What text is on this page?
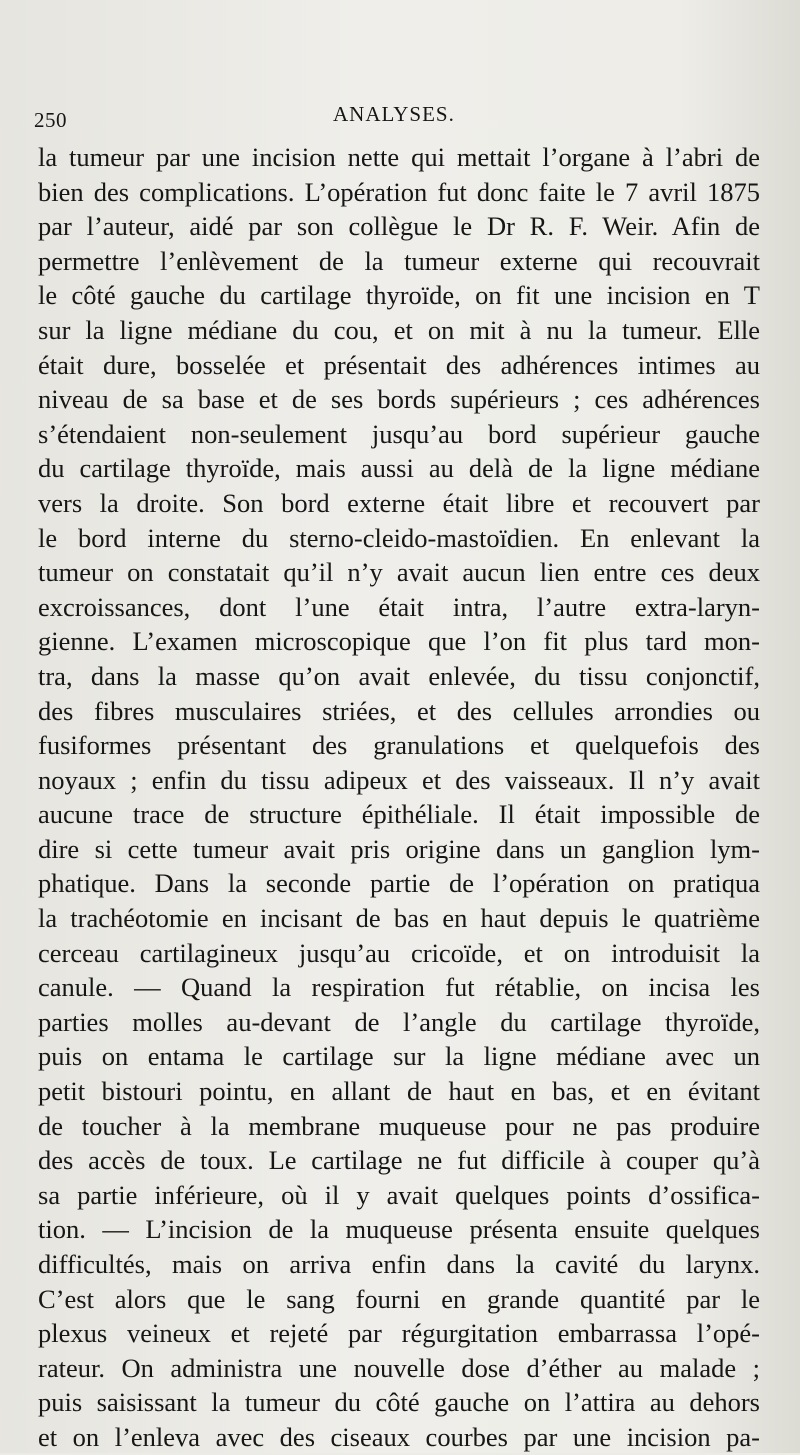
250	ANALYSES.
la tumeur par une incision nette qui mettait l’organe à l’abri de
bien des complications. L’opération fut donc faite le 7 avril 1875
par l’auteur, aidé par son collègue le Dr R. F. Weir. Afin de
permettre l’enlèvement de la tumeur externe qui recouvrait
le côté gauche du cartilage thyroïde, on fit une incision en T
sur la ligne médiane du cou, et on mit à nu la tumeur. Elle
était dure, bosselée et présentait des adhérences intimes au
niveau de sa base et de ses bords supérieurs ; ces adhérences
s’étendaient non-seulement jusqu’au bord supérieur gauche
du cartilage thyroïde, mais aussi au delà de la ligne médiane
vers la droite. Son bord externe était libre et recouvert par
le bord interne du sterno-cleido-mastoïdien. En enlevant la
tumeur on constatait qu’il n’y avait aucun lien entre ces deux
excroissances, dont l’une était intra, l’autre extra-laryn-
gienne. L’examen microscopique que l’on fit plus tard mon-
tra, dans la masse qu’on avait enlevée, du tissu conjonctif,
des fibres musculaires striées, et des cellules arrondies ou
fusiformes présentant des granulations et quelquefois des
noyaux ; enfin du tissu adipeux et des vaisseaux. Il n’y avait
aucune trace de structure épithéliale. Il était impossible de
dire si cette tumeur avait pris origine dans un ganglion lym-
phatique. Dans la seconde partie de l’opération on pratiqua
la trachéotomie en incisant de bas en haut depuis le quatrième
cerceau cartilagineux jusqu’au cricoïde, et on introduisit la
canule. — Quand la respiration fut rétablie, on incisa les
parties molles au-devant de l’angle du cartilage thyroïde,
puis on entama le cartilage sur la ligne médiane avec un
petit bistouri pointu, en allant de haut en bas, et en évitant
de toucher à la membrane muqueuse pour ne pas produire
des accès de toux. Le cartilage ne fut difficile à couper qu’à
sa partie inférieure, où il y avait quelques points d’ossifica-
tion. — L’incision de la muqueuse présenta ensuite quelques
difficultés, mais on arriva enfin dans la cavité du larynx.
C’est alors que le sang fourni en grande quantité par le
plexus veineux et rejeté par régurgitation embarrassa l’opé-
rateur. On administra une nouvelle dose d’éther au malade ;
puis saisissant la tumeur du côté gauche on l’attira au dehors
et on l’enleva avec des ciseaux courbes par une incision pa-
